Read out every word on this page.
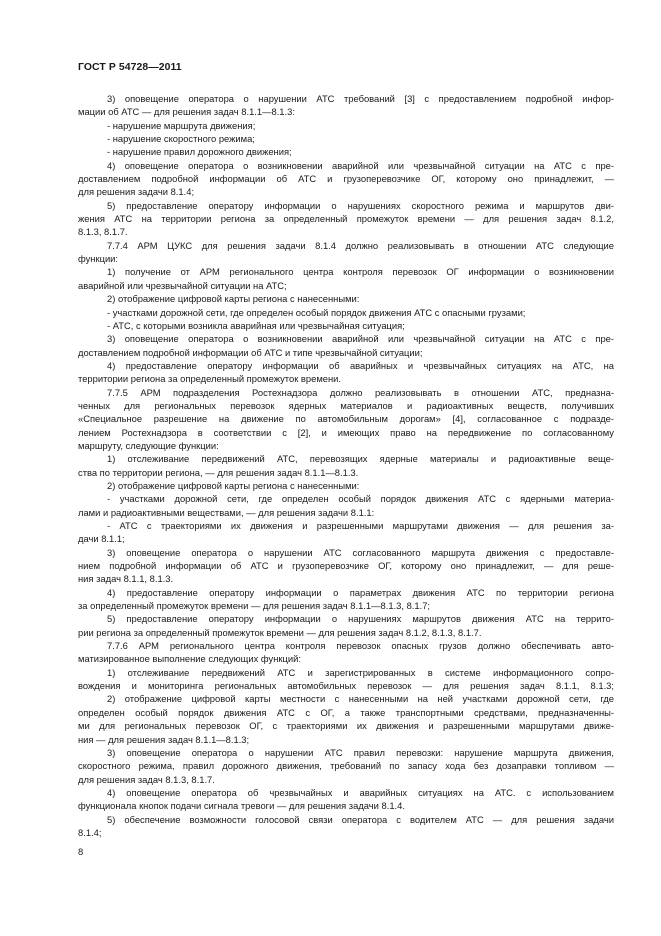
ГОСТ Р 54728—2011
3) оповещение оператора о нарушении АТС требований [3] с предоставлением подробной инфор-
мации об АТС — для решения задач 8.1.1—8.1.3:
- нарушение маршрута движения;
- нарушение скоростного режима;
- нарушение правил дорожного движения;
4) оповещение оператора о возникновении аварийной или чрезвычайной ситуации на АТС с пре-
доставлением подробной информации об АТС и грузоперевозчике ОГ, которому оно принадлежит, —
для решения задачи 8.1.4;
5) предоставление оператору информации о нарушениях скоростного режима и маршрутов дви-
жения АТС на территории региона за определенный промежуток времени — для решения задач 8.1.2,
8.1.3, 8.1.7.
7.7.4 АРМ ЦУКС для решения задачи 8.1.4 должно реализовывать в отношении АТС следующие
функции:
1) получение от АРМ регионального центра контроля перевозок ОГ информации о возникновении
аварийной или чрезвычайной ситуации на АТС;
2) отображение цифровой карты региона с нанесенными:
- участками дорожной сети, где определен особый порядок движения АТС с опасными грузами;
- АТС, с которыми возникла аварийная или чрезвычайная ситуация;
3) оповещение оператора о возникновении аварийной или чрезвычайной ситуации на АТС с пре-
доставлением подробной информации об АТС и типе чрезвычайной ситуации;
4) предоставление оператору информации об аварийных и чрезвычайных ситуациях на АТС, на
территории региона за определенный промежуток времени.
7.7.5 АРМ подразделения Ростехнадзора должно реализовывать в отношении АТС, предназна-
ченных для региональных перевозок ядерных материалов и радиоактивных веществ, получивших
«Специальное разрешение на движение по автомобильным дорогам» [4], согласованное с подразде-
лением Ростехнадзора в соответствии с [2], и имеющих право на передвижение по согласованному
маршруту, следующие функции:
1) отслеживание передвижений АТС, перевозящих ядерные материалы и радиоактивные веще-
ства по территории региона, — для решения задач 8.1.1—8.1.3.
2) отображение цифровой карты региона с нанесенными:
- участками дорожной сети, где определен особый порядок движения АТС с ядерными материа-
лами и радиоактивными веществами, — для решения задачи 8.1.1:
- АТС с траекториями их движения и разрешенными маршрутами движения — для решения за-
дачи 8.1.1;
3) оповещение оператора о нарушении АТС согласованного маршрута движения с предоставле-
нием подробной информации об АТС и грузоперевозчике ОГ, которому оно принадлежит, — для реше-
ния задач 8.1.1, 8.1.3.
4) предоставление оператору информации о параметрах движения АТС по территории региона
за определенный промежуток времени — для решения задач 8.1.1—8.1.3, 8.1.7;
5) предоставление оператору информации о нарушениях маршрутов движения АТС на террито-
рии региона за определенный промежуток времени — для решения задач 8.1.2, 8.1.3, 8.1.7.
7.7.6 АРМ регионального центра контроля перевозок опасных грузов должно обеспечивать авто-
матизированное выполнение следующих функций:
1) отслеживание передвижений АТС и зарегистрированных в системе информационного сопро-
вождения и мониторинга региональных автомобильных перевозок — для решения задач 8.1.1, 8.1.3;
2) отображение цифровой карты местности с нанесенными на ней участками дорожной сети, где
определен особый порядок движения АТС с ОГ, а также транспортными средствами, предназначенны-
ми для региональных перевозок ОГ, с траекториями их движения и разрешенными маршрутами движе-
ния — для решения задач 8.1.1—8.1.3;
3) оповещение оператора о нарушении АТС правил перевозки: нарушение маршрута движения,
скоростного режима, правил дорожного движения, требований по запасу хода без дозаправки топливом —
для решения задач 8.1.3, 8.1.7.
4) оповещение оператора об чрезвычайных и аварийных ситуациях на АТС. с использованием
функционала кнопок подачи сигнала тревоги — для решения задачи 8.1.4.
5) обеспечение возможности голосовой связи оператора с водителем АТС — для решения задачи
8.1.4;
8
